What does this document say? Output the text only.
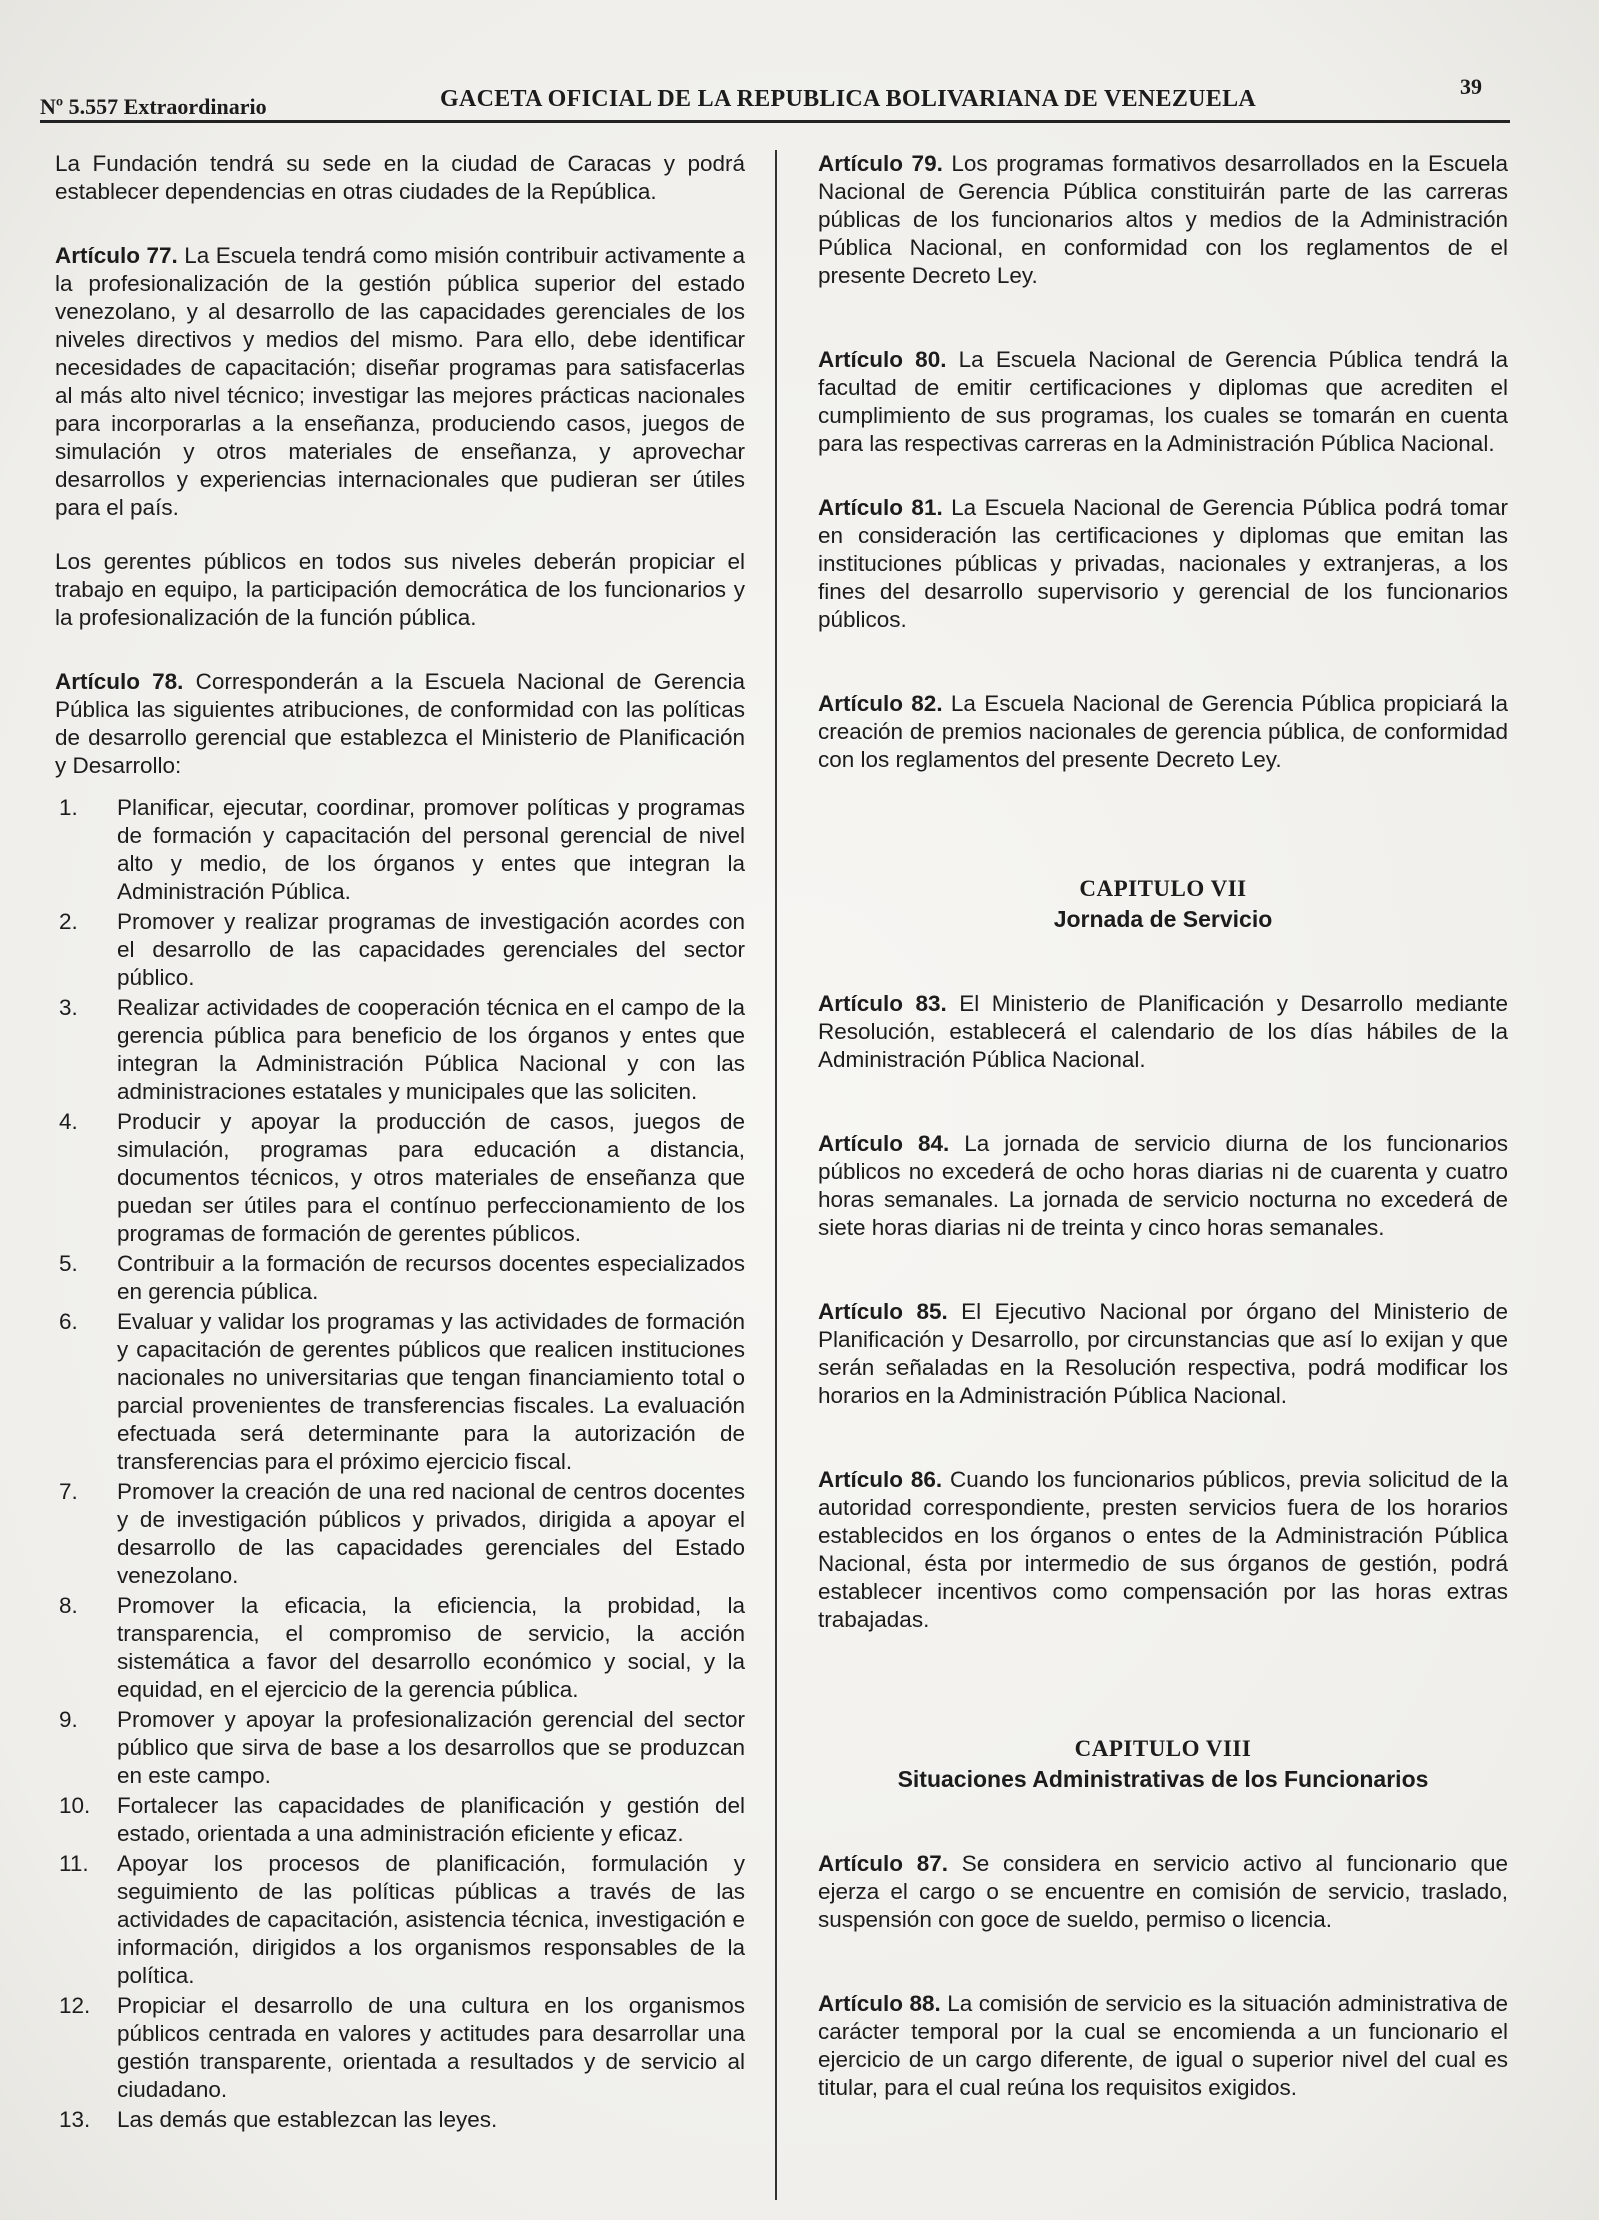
Nº 5.557 Extraordinario	GACETA OFICIAL DE LA REPUBLICA BOLIVARIANA DE VENEZUELA	39

La Fundación tendrá su sede en la ciudad de Caracas y podrá establecer dependencias en otras ciudades de la República.

Artículo 77. La Escuela tendrá como misión contribuir activamente a la profesionalización de la gestión pública superior del estado venezolano, y al desarrollo de las capacidades gerenciales de los niveles directivos y medios del mismo. Para ello, debe identificar necesidades de capacitación; diseñar programas para satisfacerlas al más alto nivel técnico; investigar las mejores prácticas nacionales para incorporarlas a la enseñanza, produciendo casos, juegos de simulación y otros materiales de enseñanza, y aprovechar desarrollos y experiencias internacionales que pudieran ser útiles para el país.

Los gerentes públicos en todos sus niveles deberán propiciar el trabajo en equipo, la participación democrática de los funcionarios y la profesionalización de la función pública.

Artículo 78. Corresponderán a la Escuela Nacional de Gerencia Pública las siguientes atribuciones, de conformidad con las políticas de desarrollo gerencial que establezca el Ministerio de Planificación y Desarrollo:

1. Planificar, ejecutar, coordinar, promover políticas y programas de formación y capacitación del personal gerencial de nivel alto y medio, de los órganos y entes que integran la Administración Pública.
2. Promover y realizar programas de investigación acordes con el desarrollo de las capacidades gerenciales del sector público.
3. Realizar actividades de cooperación técnica en el campo de la gerencia pública para beneficio de los órganos y entes que integran la Administración Pública Nacional y con las administraciones estatales y municipales que las soliciten.
4. Producir y apoyar la producción de casos, juegos de simulación, programas para educación a distancia, documentos técnicos, y otros materiales de enseñanza que puedan ser útiles para el contínuo perfeccionamiento de los programas de formación de gerentes públicos.
5. Contribuir a la formación de recursos docentes especializados en gerencia pública.
6. Evaluar y validar los programas y las actividades de formación y capacitación de gerentes públicos que realicen instituciones nacionales no universitarias que tengan financiamiento total o parcial provenientes de transferencias fiscales. La evaluación efectuada será determinante para la autorización de transferencias para el próximo ejercicio fiscal.
7. Promover la creación de una red nacional de centros docentes y de investigación públicos y privados, dirigida a apoyar el desarrollo de las capacidades gerenciales del Estado venezolano.
8. Promover la eficacia, la eficiencia, la probidad, la transparencia, el compromiso de servicio, la acción sistemática a favor del desarrollo económico y social, y la equidad, en el ejercicio de la gerencia pública.
9. Promover y apoyar la profesionalización gerencial del sector público que sirva de base a los desarrollos que se produzcan en este campo.
10. Fortalecer las capacidades de planificación y gestión del estado, orientada a una administración eficiente y eficaz.
11. Apoyar los procesos de planificación, formulación y seguimiento de las políticas públicas a través de las actividades de capacitación, asistencia técnica, investigación e información, dirigidos a los organismos responsables de la política.
12. Propiciar el desarrollo de una cultura en los organismos públicos centrada en valores y actitudes para desarrollar una gestión transparente, orientada a resultados y de servicio al ciudadano.
13. Las demás que establezcan las leyes.

Artículo 79. Los programas formativos desarrollados en la Escuela Nacional de Gerencia Pública constituirán parte de las carreras públicas de los funcionarios altos y medios de la Administración Pública Nacional, en conformidad con los reglamentos de el presente Decreto Ley.

Artículo 80. La Escuela Nacional de Gerencia Pública tendrá la facultad de emitir certificaciones y diplomas que acrediten el cumplimiento de sus programas, los cuales se tomarán en cuenta para las respectivas carreras en la Administración Pública Nacional.

Artículo 81. La Escuela Nacional de Gerencia Pública podrá tomar en consideración las certificaciones y diplomas que emitan las instituciones públicas y privadas, nacionales y extranjeras, a los fines del desarrollo supervisorio y gerencial de los funcionarios públicos.

Artículo 82. La Escuela Nacional de Gerencia Pública propiciará la creación de premios nacionales de gerencia pública, de conformidad con los reglamentos del presente Decreto Ley.

CAPITULO VII
Jornada de Servicio

Artículo 83. El Ministerio de Planificación y Desarrollo mediante Resolución, establecerá el calendario de los días hábiles de la Administración Pública Nacional.

Artículo 84. La jornada de servicio diurna de los funcionarios públicos no excederá de ocho horas diarias ni de cuarenta y cuatro horas semanales. La jornada de servicio nocturna no excederá de siete horas diarias ni de treinta y cinco horas semanales.

Artículo 85. El Ejecutivo Nacional por órgano del Ministerio de Planificación y Desarrollo, por circunstancias que así lo exijan y que serán señaladas en la Resolución respectiva, podrá modificar los horarios en la Administración Pública Nacional.

Artículo 86. Cuando los funcionarios públicos, previa solicitud de la autoridad correspondiente, presten servicios fuera de los horarios establecidos en los órganos o entes de la Administración Pública Nacional, ésta por intermedio de sus órganos de gestión, podrá establecer incentivos como compensación por las horas extras trabajadas.

CAPITULO VIII
Situaciones Administrativas de los Funcionarios

Artículo 87. Se considera en servicio activo al funcionario que ejerza el cargo o se encuentre en comisión de servicio, traslado, suspensión con goce de sueldo, permiso o licencia.

Artículo 88. La comisión de servicio es la situación administrativa de carácter temporal por la cual se encomienda a un funcionario el ejercicio de un cargo diferente, de igual o superior nivel del cual es titular, para el cual reúna los requisitos exigidos.
